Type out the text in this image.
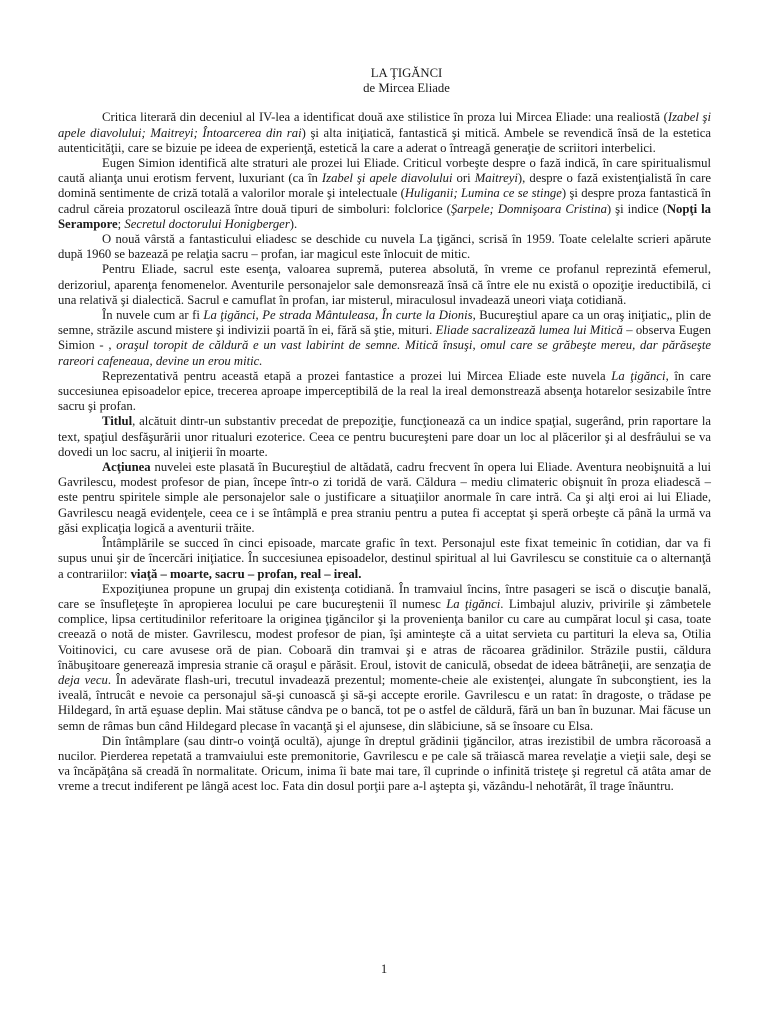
LA ŢIGĂNCI

de Mircea Eliade

Critica literară din deceniul al IV-lea a identificat două axe stilistice în proza lui Mircea Eliade: una realiostă (Izabel şi apele diavolului; Maitreyi; Întoarcerea din rai) şi alta iniţiatică, fantastică şi mitică. Ambele se revendică însă de la estetica autenticităţii, care se bizuie pe ideea de experienţă, estetică la care a aderat o întreagă generaţie de scriitori interbelici.

Eugen Simion identifică alte straturi ale prozei lui Eliade. Criticul vorbeşte despre o fază indică, în care spiritualismul caută alianţa unui erotism fervent, luxuriant (ca în Izabel şi apele diavolului ori Maitreyi), despre o fază existenţialistă în care domină sentimente de criză totală a valorilor morale şi intelectuale (Huliganii; Lumina ce se stinge) şi despre proza fantastică în cadrul căreia prozatorul oscilează între două tipuri de simboluri: folclorice (Şarpele; Domnişoara Cristina) şi indice (Nopţi la Serampore; Secretul doctorului Honigberger).

O nouă vârstă a fantasticului eliadesc se deschide cu nuvela La ţigănci, scrisă în 1959. Toate celelalte scrieri apărute după 1960 se bazează pe relaţia sacru – profan, iar magicul este înlocuit de mitic.

Pentru Eliade, sacrul este esenţa, valoarea supremă, puterea absolută, în vreme ce profanul reprezintă efemerul, derizoriul, aparenţa fenomenelor. Aventurile personajelor sale demonsrează însă că între ele nu există o opoziţie ireductibilă, ci una relativă şi dialectică. Sacrul e camuflat în profan, iar misterul, miraculosul invadează uneori viaţa cotidiană.

În nuvele cum ar fi La ţigănci, Pe strada Mântuleasa, În curte la Dionis, Bucureştiul apare ca un oraş iniţiatic„ plin de semne, străzile ascund mistere şi indivizii poartă în ei, fără să ştie, mituri. Eliade sacralizează lumea lui Mitică – observa Eugen Simion - , oraşul toropit de căldură e un vast labirint de semne. Mitică însuşi, omul care se grăbeşte mereu, dar părăseşte rareori cafeneaua, devine un erou mitic.

Reprezentativă pentru această etapă a prozei fantastice a prozei lui Mircea Eliade este nuvela La ţigănci, în care succesiunea episoadelor epice, trecerea aproape imperceptibilă de la real la ireal demonstrează absenţa hotarelor sesizabile între sacru şi profan.

Titlul, alcătuit dintr-un substantiv precedat de prepoziţie, funcţionează ca un indice spaţial, sugerând, prin raportare la text, spaţiul desfăşurării unor ritualuri ezoterice. Ceea ce pentru bucureşteni pare doar un loc al plăcerilor şi al desfrâului se va dovedi un loc sacru, al iniţierii în moarte.

Acţiunea nuvelei este plasată în Bucureştiul de altădată, cadru frecvent în opera lui Eliade. Aventura neobişnuită a lui Gavrilescu, modest profesor de pian, începe într-o zi toridă de vară. Căldura – mediu climateric obişnuit în proza eliadescă – este pentru spiritele simple ale personajelor sale o justificare a situaţiilor anormale în care intră. Ca şi alţi eroi ai lui Eliade, Gavrilescu neagă evidenţele, ceea ce i se întâmplă e prea straniu pentru a putea fi acceptat şi speră orbeşte că până la urmă va găsi explicaţia logică a aventurii trăite.

Întâmplările se succed în cinci episoade, marcate grafic în text. Personajul este fixat temeinic în cotidian, dar va fi supus unui şir de încercări iniţiatice. În succesiunea episoadelor, destinul spiritual al lui Gavrilescu se constituie ca o alternanţă a contrariilor: viaţă – moarte, sacru – profan, real – ireal.

Expoziţiunea propune un grupaj din existenţa cotidiană. În tramvaiul încins, între pasageri se iscă o discuţie banală, care se însufleţeşte în apropierea locului pe care bucureştenii îl numesc La ţigănci. Limbajul aluziv, privirile şi zâmbetele complice, lipsa certitudinilor referitoare la originea ţigăncilor şi la provenienţa banilor cu care au cumpărat locul şi casa, toate creează o notă de mister. Gavrilescu, modest profesor de pian, îşi aminteşte că a uitat servieta cu partituri la eleva sa, Otilia Voitinovici, cu care avusese oră de pian. Coboară din tramvai şi e atras de răcoarea grădinilor. Străzile pustii, căldura înăbuşitoare generează impresia stranie că oraşul e părăsit. Eroul, istovit de caniculă, obsedat de ideea bătrâneţii, are senzaţia de deja vecu. În adevărate flash-uri, trecutul invadează prezentul; momente-cheie ale existenţei, alungate în subconştient, ies la iveală, întrucât e nevoie ca personajul să-şi cunoască şi să-şi accepte erorile. Gavrilescu e un ratat: în dragoste, o trădase pe Hildegard, în artă eşuase deplin. Mai stătuse cândva pe o bancă, tot pe o astfel de căldură, fără un ban în buzunar. Mai făcuse un semn de râmas bun când Hildegard plecase în vacanţă şi el ajunsese, din slăbiciune, să se însoare cu Elsa.

Din întâmplare (sau dintr-o voinţă ocultă), ajunge în dreptul grădinii ţigăncilor, atras irezistibil de umbra răcoroasă a nucilor. Pierderea repetată a tramvaiului este premonitorie, Gavrilescu e pe cale să trăiască marea revelaţie a vieţii sale, deşi se va încăpăţâna să creadă în normalitate. Oricum, inima îi bate mai tare, îl cuprinde o infinită tristeţe şi regretul că atâta amar de vreme a trecut indiferent pe lângă acest loc. Fata din dosul porţii pare a-l aştepta şi, văzându-l nehotărât, îl trage înăuntru.

1
